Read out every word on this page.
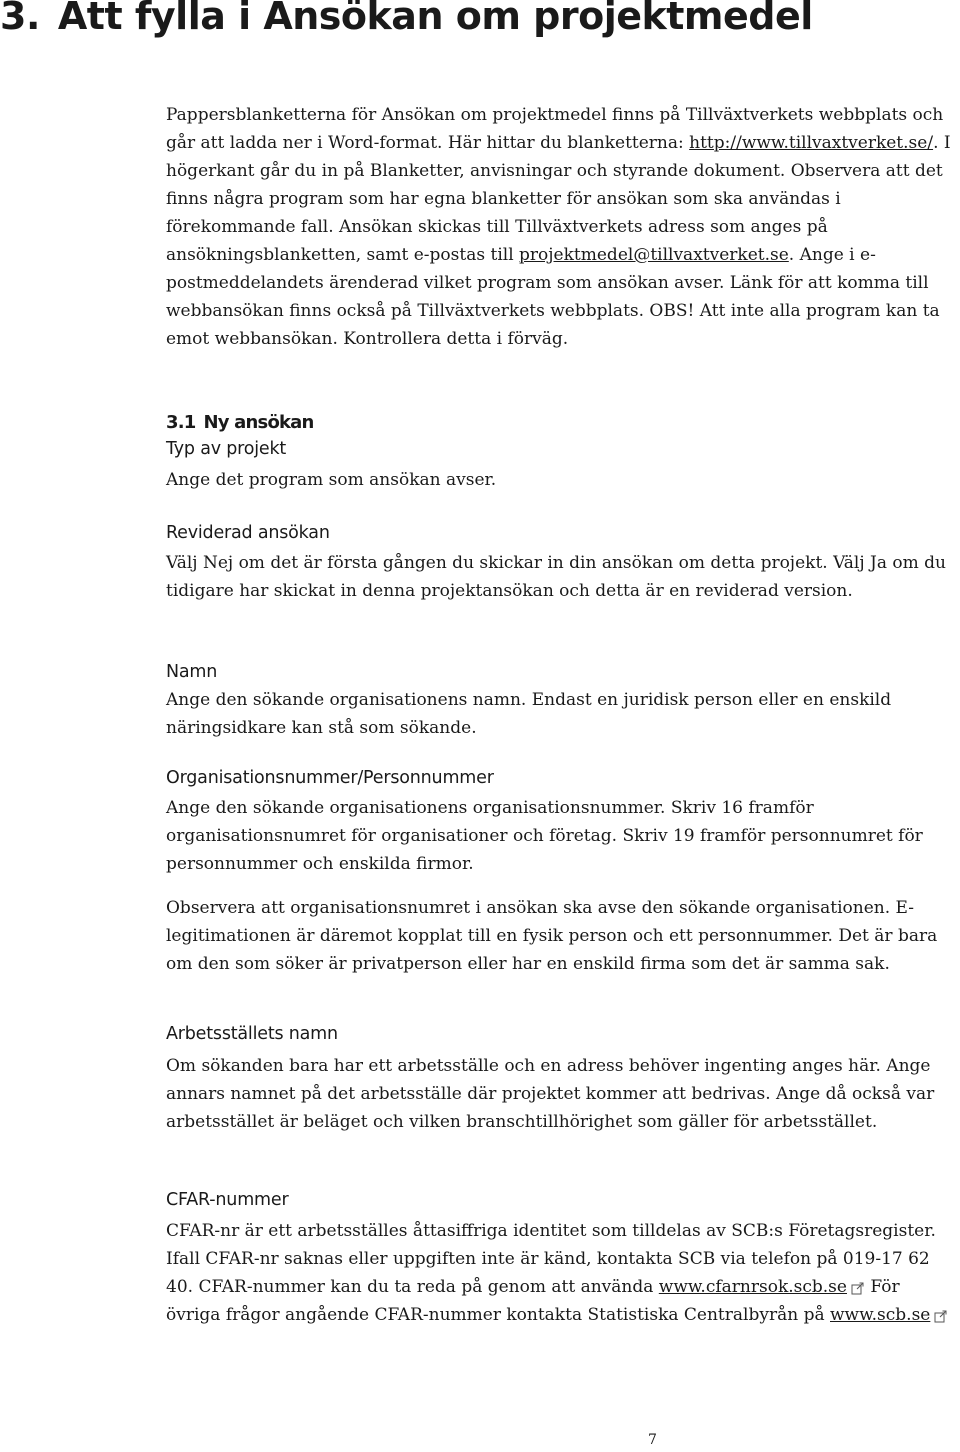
3. Att fylla i Ansökan om projektmedel

Pappersblanketterna för Ansökan om projektmedel finns på Tillväxtverkets webbplats och går att ladda ner i Word-format. Här hittar du blanketterna: http://www.tillvaxtverket.se/. I högerkant går du in på Blanketter, anvisningar och styrande dokument. Observera att det finns några program som har egna blanketter för ansökan som ska användas i förekommande fall. Ansökan skickas till Tillväxtverkets adress som anges på ansökningsblanketten, samt e-postas till projektmedel@tillvaxtverket.se. Ange i e-postmeddelandets ärenderad vilket program som ansökan avser. Länk för att komma till webbansökan finns också på Tillväxtverkets webbplats. OBS! Att inte alla program kan ta emot webbansökan. Kontrollera detta i förväg.

3.1 Ny ansökan
Typ av projekt

Ange det program som ansökan avser.

Reviderad ansökan

Välj Nej om det är första gången du skickar in din ansökan om detta projekt. Välj Ja om du tidigare har skickat in denna projektansökan och detta är en reviderad version.

Namn

Ange den sökande organisationens namn. Endast en juridisk person eller en enskild näringsidkare kan stå som sökande.

Organisationsnummer/Personnummer

Ange den sökande organisationens organisationsnummer. Skriv 16 framför organisationsnumret för organisationer och företag. Skriv 19 framför personnumret för personnummer och enskilda firmor.

Observera att organisationsnumret i ansökan ska avse den sökande organisationen. E-legitimationen är däremot kopplat till en fysik person och ett personnummer. Det är bara om den som söker är privatperson eller har en enskild firma som det är samma sak.

Arbetsställets namn

Om sökanden bara har ett arbetsställe och en adress behöver ingenting anges här. Ange annars namnet på det arbetsställe där projektet kommer att bedrivas. Ange då också var arbetsstället är beläget och vilken branschtillhörighet som gäller för arbetsstället.

CFAR-nummer

CFAR-nr är ett arbetsställes åttasiffriga identitet som tilldelas av SCB:s Företagsregister. Ifall CFAR-nr saknas eller uppgiften inte är känd, kontakta SCB via telefon på 019-17 62 40. CFAR-nummer kan du ta reda på genom att använda www.cfarnrsok.scb.se För övriga frågor angående CFAR-nummer kontakta Statistiska Centralbyrån på www.scb.se

7
